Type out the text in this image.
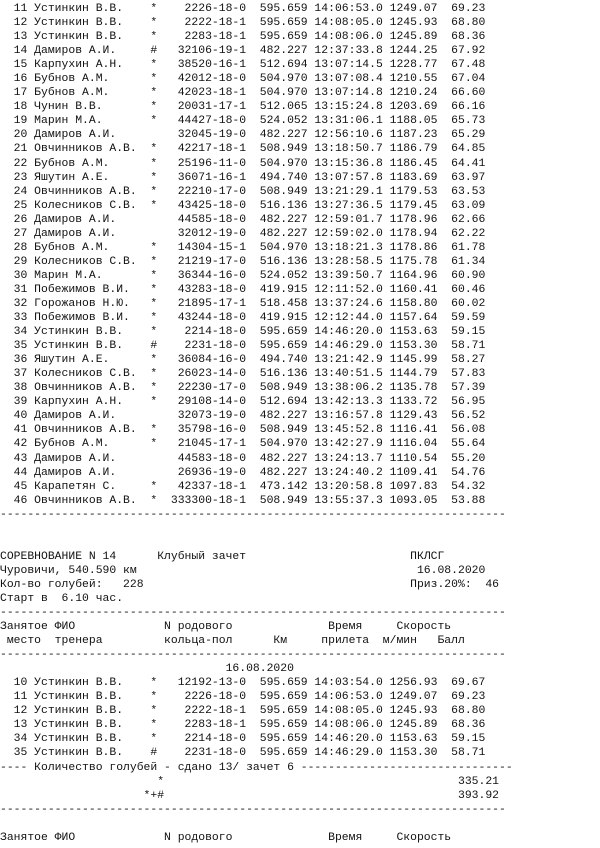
11 Устинкин В.В.    *    2226-18-0  595.659 14:06:53.0 1249.07  69.23
12 Устинкин В.В.    *    2222-18-1  595.659 14:08:05.0 1245.93  68.80
13 Устинкин В.В.    *    2283-18-1  595.659 14:08:06.0 1245.89  68.36
14 Дамиров А.И.     #   32106-19-1  482.227 12:37:33.8 1244.25  67.92
15 Карпухин А.Н.    *   38520-16-1  512.694 13:07:14.5 1228.77  67.48
16 Бубнов А.М.      *   42012-18-0  504.970 13:07:08.4 1210.55  67.04
17 Бубнов А.М.      *   42023-18-1  504.970 13:07:14.8 1210.24  66.60
18 Чунин В.В.       *   20031-17-1  512.065 13:15:24.8 1203.69  66.16
19 Марин М.А.       *   44427-18-0  524.052 13:31:06.1 1188.05  65.73
20 Дамиров А.И.         32045-19-0  482.227 12:56:10.6 1187.23  65.29
21 Овчинников А.В.  *   42217-18-1  508.949 13:18:50.7 1186.79  64.85
22 Бубнов А.М.      *   25196-11-0  504.970 13:15:36.8 1186.45  64.41
23 Яшутин А.Е.      *   36071-16-1  494.740 13:07:57.8 1183.69  63.97
24 Овчинников А.В.  *   22210-17-0  508.949 13:21:29.1 1179.53  63.53
25 Колесников С.В.  *   43425-18-0  516.136 13:27:36.5 1179.45  63.09
26 Дамиров А.И.         44585-18-0  482.227 12:59:01.7 1178.96  62.66
27 Дамиров А.И.         32012-19-0  482.227 12:59:02.0 1178.94  62.22
28 Бубнов А.М.      *   14304-15-1  504.970 13:18:21.3 1178.86  61.78
29 Колесников С.В.  *   21219-17-0  516.136 13:28:58.5 1175.78  61.34
30 Марин М.А.       *   36344-16-0  524.052 13:39:50.7 1164.96  60.90
31 Побежимов В.И.   *   43283-18-0  419.915 12:11:52.0 1160.41  60.46
32 Горожанов Н.Ю.   *   21895-17-1  518.458 13:37:24.6 1158.80  60.02
33 Побежимов В.И.   *   43244-18-0  419.915 12:12:44.0 1157.64  59.59
34 Устинкин В.В.    *    2214-18-0  595.659 14:46:20.0 1153.63  59.15
35 Устинкин В.В.    #    2231-18-0  595.659 14:46:29.0 1153.30  58.71
36 Яшутин А.Е.      *   36084-16-0  494.740 13:21:42.9 1145.99  58.27
37 Колесников С.В.  *   26023-14-0  516.136 13:40:51.5 1144.79  57.83
38 Овчинников А.В.  *   22230-17-0  508.949 13:38:06.2 1135.78  57.39
39 Карпухин А.Н.    *   29108-14-0  512.694 13:42:13.3 1133.72  56.95
40 Дамиров А.И.         32073-19-0  482.227 13:16:57.8 1129.43  56.52
41 Овчинников А.В.  *   35798-16-0  508.949 13:45:52.8 1116.41  56.08
42 Бубнов А.М.      *   21045-17-1  504.970 13:42:27.9 1116.04  55.64
43 Дамиров А.И.         44583-18-0  482.227 13:24:13.7 1110.54  55.20
44 Дамиров А.И.         26936-19-0  482.227 13:24:40.2 1109.41  54.76
45 Карапетян С.     *   42337-18-1  473.142 13:20:58.8 1097.83  54.32
46 Овчинников А.В.  *  333300-18-1  508.949 13:55:37.3 1093.05  53.88
--------------------------------------------------------------------------
СОРЕВНОВАНИЕ N 14      Клубный зачет                        ПКЛСГ
Чуровичи, 540.590 км                                         16.08.2020
Кол-во голубей:   228                                       Приз.20%:  46
Старт в  6.10 час.
--------------------------------------------------------------------------
Занятое ФИО             N родового              Время     Скорость
место  тренера         кольца-пол      Км     прилета  м/мин   Балл
--------------------------------------------------------------------------
16.08.2020
10 Устинкин В.В.    *   12192-13-0  595.659 14:03:54.0 1256.93  69.67
11 Устинкин В.В.    *    2226-18-0  595.659 14:06:53.0 1249.07  69.23
12 Устинкин В.В.    *    2222-18-1  595.659 14:08:05.0 1245.93  68.80
13 Устинкин В.В.    *    2283-18-1  595.659 14:08:06.0 1245.89  68.36
34 Устинкин В.В.    *    2214-18-0  595.659 14:46:20.0 1153.63  59.15
35 Устинкин В.В.    #    2231-18-0  595.659 14:46:29.0 1153.30  58.71
---- Количество голубей - сдано 13/ зачет 6 -------------------------------
*                                           335.21
*+#                                           393.92
--------------------------------------------------------------------------
Занятое ФИО             N родового              Время     Скорость
